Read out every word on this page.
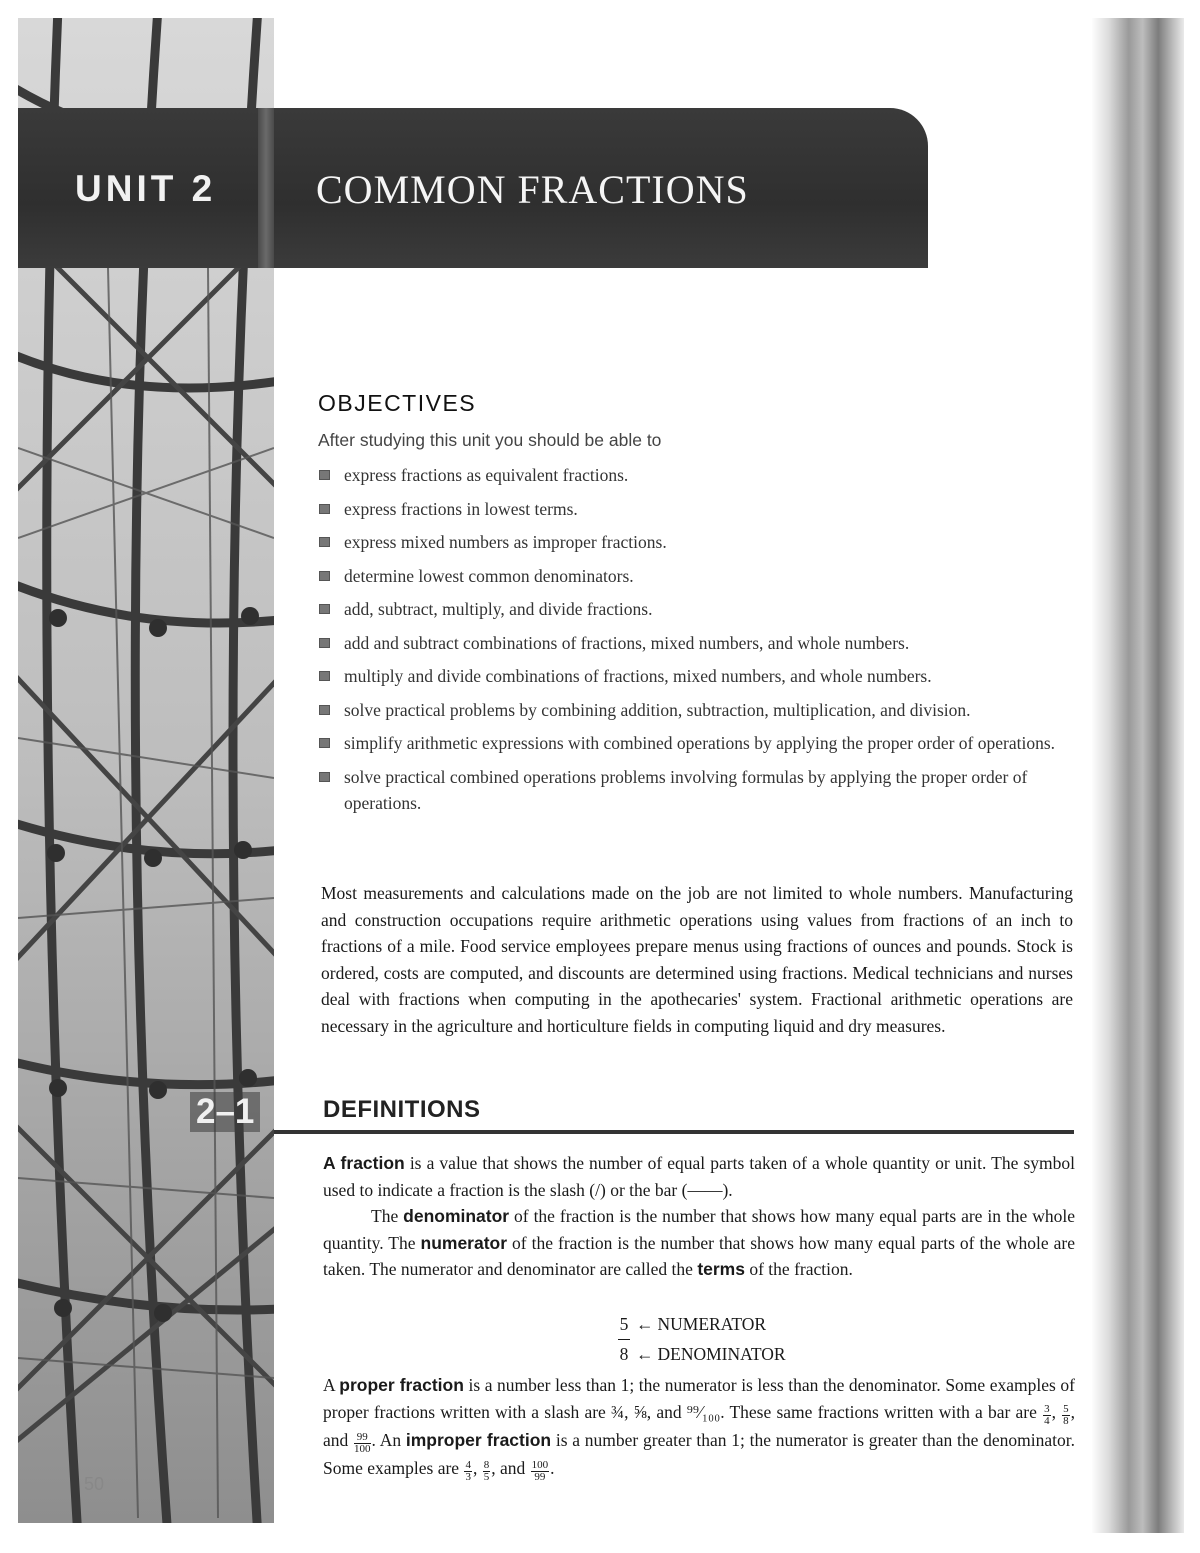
UNIT 2 COMMON FRACTIONS
OBJECTIVES
After studying this unit you should be able to
express fractions as equivalent fractions.
express fractions in lowest terms.
express mixed numbers as improper fractions.
determine lowest common denominators.
add, subtract, multiply, and divide fractions.
add and subtract combinations of fractions, mixed numbers, and whole numbers.
multiply and divide combinations of fractions, mixed numbers, and whole numbers.
solve practical problems by combining addition, subtraction, multiplication, and division.
simplify arithmetic expressions with combined operations by applying the proper order of operations.
solve practical combined operations problems involving formulas by applying the proper order of operations.
Most measurements and calculations made on the job are not limited to whole numbers. Manufacturing and construction occupations require arithmetic operations using values from fractions of an inch to fractions of a mile. Food service employees prepare menus using fractions of ounces and pounds. Stock is ordered, costs are computed, and discounts are determined using fractions. Medical technicians and nurses deal with fractions when computing in the apothecaries' system. Fractional arithmetic operations are necessary in the agriculture and horticulture fields in computing liquid and dry measures.
2–1	DEFINITIONS
A fraction is a value that shows the number of equal parts taken of a whole quantity or unit. The symbol used to indicate a fraction is the slash (/) or the bar (——).
The denominator of the fraction is the number that shows how many equal parts are in the whole quantity. The numerator of the fraction is the number that shows how many equal parts of the whole are taken. The numerator and denominator are called the terms of the fraction.
5 ← NUMERATOR
8 ← DENOMINATOR
A proper fraction is a number less than 1; the numerator is less than the denominator. Some examples of proper fractions written with a slash are ¾, ⅝, and ⁹⁹⁄₁₀₀. These same fractions written with a bar are $\frac{3}{4}$ , $\frac{5}{8}$ , and $\frac{99}{100}$ . An improper fraction is a number greater than 1; the numerator is greater than the denominator. Some examples are $\frac{4}{3}$ , $\frac{8}{5}$ , and $\frac{100}{99}$ .
50
